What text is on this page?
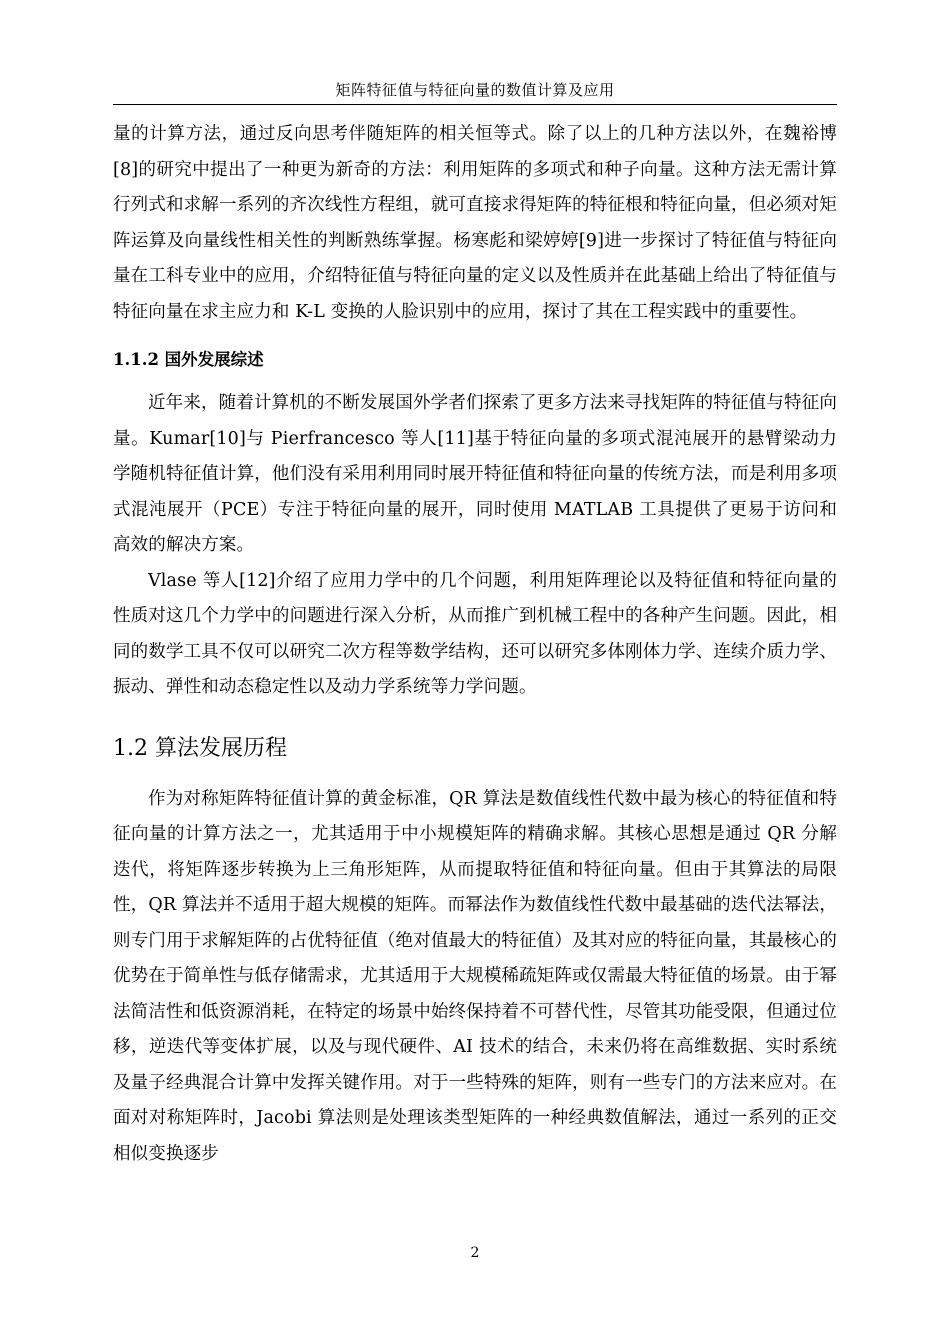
矩阵特征值与特征向量的数值计算及应用

量的计算方法，通过反向思考伴随矩阵的相关恒等式。除了以上的几种方法以外，在魏裕博[8]的研究中提出了一种更为新奇的方法：利用矩阵的多项式和种子向量。这种方法无需计算行列式和求解一系列的齐次线性方程组，就可直接求得矩阵的特征根和特征向量，但必须对矩阵运算及向量线性相关性的判断熟练掌握。杨寒彪和梁婷婷[9]进一步探讨了特征值与特征向量在工科专业中的应用，介绍特征值与特征向量的定义以及性质并在此基础上给出了特征值与特征向量在求主应力和 K-L 变换的人脸识别中的应用，探讨了其在工程实践中的重要性。

1.1.2 国外发展综述

近年来，随着计算机的不断发展国外学者们探索了更多方法来寻找矩阵的特征值与特征向量。Kumar[10]与 Pierfrancesco 等人[11]基于特征向量的多项式混沌展开的悬臂梁动力学随机特征值计算，他们没有采用利用同时展开特征值和特征向量的传统方法，而是利用多项式混沌展开（PCE）专注于特征向量的展开，同时使用 MATLAB 工具提供了更易于访问和高效的解决方案。

Vlase 等人[12]介绍了应用力学中的几个问题，利用矩阵理论以及特征值和特征向量的性质对这几个力学中的问题进行深入分析，从而推广到机械工程中的各种产生问题。因此，相同的数学工具不仅可以研究二次方程等数学结构，还可以研究多体刚体力学、连续介质力学、振动、弹性和动态稳定性以及动力学系统等力学问题。

1.2 算法发展历程

作为对称矩阵特征值计算的黄金标准，QR 算法是数值线性代数中最为核心的特征值和特征向量的计算方法之一，尤其适用于中小规模矩阵的精确求解。其核心思想是通过 QR 分解迭代，将矩阵逐步转换为上三角形矩阵，从而提取特征值和特征向量。但由于其算法的局限性，QR 算法并不适用于超大规模的矩阵。而幂法作为数值线性代数中最基础的迭代法幂法，则专门用于求解矩阵的占优特征值（绝对值最大的特征值）及其对应的特征向量，其最核心的优势在于简单性与低存储需求，尤其适用于大规模稀疏矩阵或仅需最大特征值的场景。由于幂法简洁性和低资源消耗，在特定的场景中始终保持着不可替代性，尽管其功能受限，但通过位移，逆迭代等变体扩展，以及与现代硬件、AI 技术的结合，未来仍将在高维数据、实时系统及量子经典混合计算中发挥关键作用。对于一些特殊的矩阵，则有一些专门的方法来应对。在面对对称矩阵时，Jacobi 算法则是处理该类型矩阵的一种经典数值解法，通过一系列的正交相似变换逐步

2
